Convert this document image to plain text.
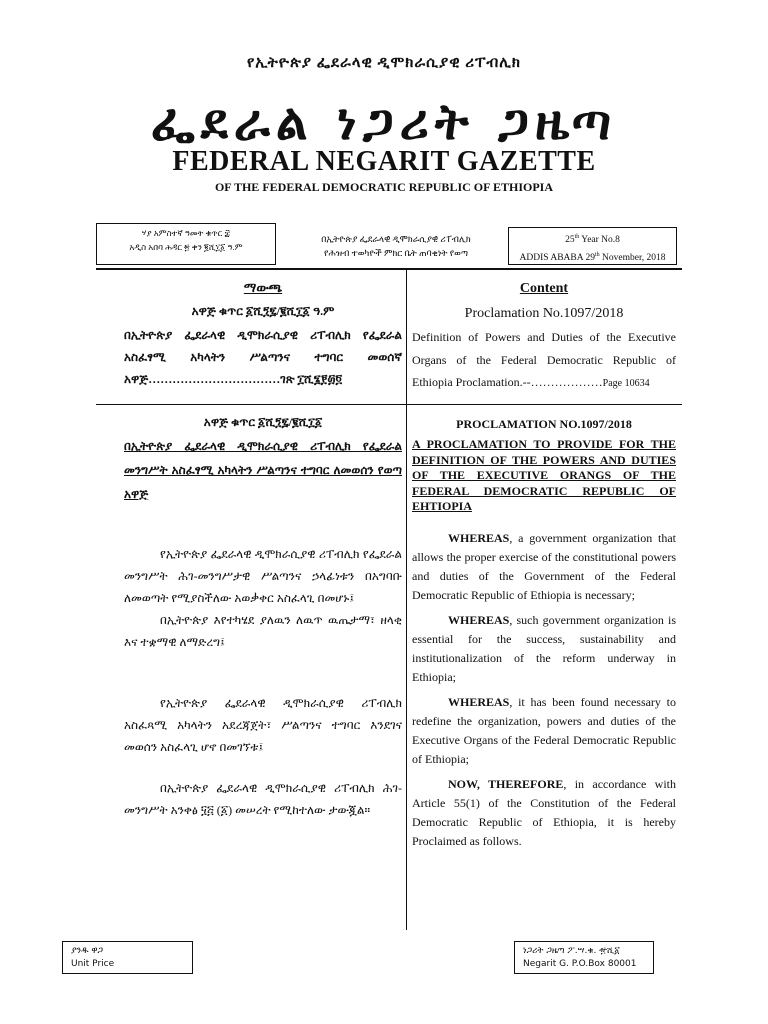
የኢትዮጵያ ፌደራላዊ ዲሞክራሲያዊ ሪፐብሊክ
ፌደራል ነጋሪት ጋዜጣ
FEDERAL NEGARIT GAZETTE
OF THE FEDERAL DEMOCRATIC REPUBLIC OF ETHIOPIA
ሃያ አምስተኛ ዓመት ቁጥር ፰
አዲስ አበባ ሕዳር ፳ ቀን ፪ሺ፲፩ ዓ.ም
በኢትዮጵያ ፌደራላዊ ዲሞክራሲያዊ ሪፐብሊክ
የሕዝብ ተወካዮች ምክር ቤት ጠባቂነት የወጣ
25th Year No.8
ADDIS ABABA 29th November, 2018
ማውጫ
አዋጅ ቁጥር ፩ሺ፺፯/፪ሺ፲፩ ዓ.ም
በኢትዮጵያ ፌደራላዊ ዲሞክራሲያዊ ሪፐብሊክ የፌደራል አስፈፃሚ አካላትን ሥልጣንና ተግባር መወሰኛ አዋጅ……………………………ገጽ ፲ሺ፮፻፴፬
Content
Proclamation No.1097/2018
Definition of Powers and Duties of the Executive Organs of the Federal Democratic Republic of Ethiopia Proclamation.--………………Page 10634
አዋጅ ቁጥር ፩ሺ፺፯/፪ሺ፲፩
በኢትዮጵያ ፌደራላዊ ዲሞክራሲያዊ ሪፐብሊክ የፌደራል መንግሥት አስፈፃሚ አካላትን ሥልጣንና ተግባር ለመወሰን የወጣ አዋጅ
የኢትዮጵያ ፌደራላዊ ዲሞክራሲያዊ ሪፐብሊክ የፌደራል መንግሥት ሕገ-መንግሥታዊ ሥልጣንና ኃላፊነቱን በአግባቡ ለመወጣት የሚያስችለው አወቃቀር አስፈላጊ በመሆኑ፤
በኢትዮጵያ እየተካሄደ ያለዉን ለዉጥ ዉጤታማ፣ ዘላቂ እና ተቋማዊ ለማድረግ፤
የኢትዮጵያ ፌደራላዊ ዲሞክራሲያዊ ሪፐብሊክ አስፈጻሚ አካላትን አደረጃጀት፣ ሥልጣንና ተግባር እንደገና መወሰን አስፈላጊ ሆኖ በመገኘቱ፤
በኢትዮጵያ ፌደራላዊ ዲሞክራሲያዊ ሪፐብሊክ ሕገ-መንግሥት አንቀፅ ፶፭ (፩) መሠረት የሚከተለው ታውጇል።
PROCLAMATION NO.1097/2018
A PROCLAMATION TO PROVIDE FOR THE DEFINITION OF THE POWERS AND DUTIES OF THE EXECUTIVE ORANGS OF THE FEDERAL DEMOCRATIC REPUBLIC OF EHTIOPIA
WHEREAS, a government organization that allows the proper exercise of the constitutional powers and duties of the Government of the Federal Democratic Republic of Ethiopia is necessary;
WHEREAS, such government organization is essential for the success, sustainability and institutionalization of the reform underway in Ethiopia;
WHEREAS, it has been found necessary to redefine the organization, powers and duties of the Executive Organs of the Federal Democratic Republic of Ethiopia;
NOW, THEREFORE, in accordance with Article 55(1) of the Constitution of the Federal Democratic Republic of Ethiopia, it is hereby Proclaimed as follows.
ያንዱ ዋጋ
Unit Price
ነጋሪት ጋዜጣ ፖ.ሣ.ቁ. ፹ሺ፩
Negarit G. P.O.Box 80001
